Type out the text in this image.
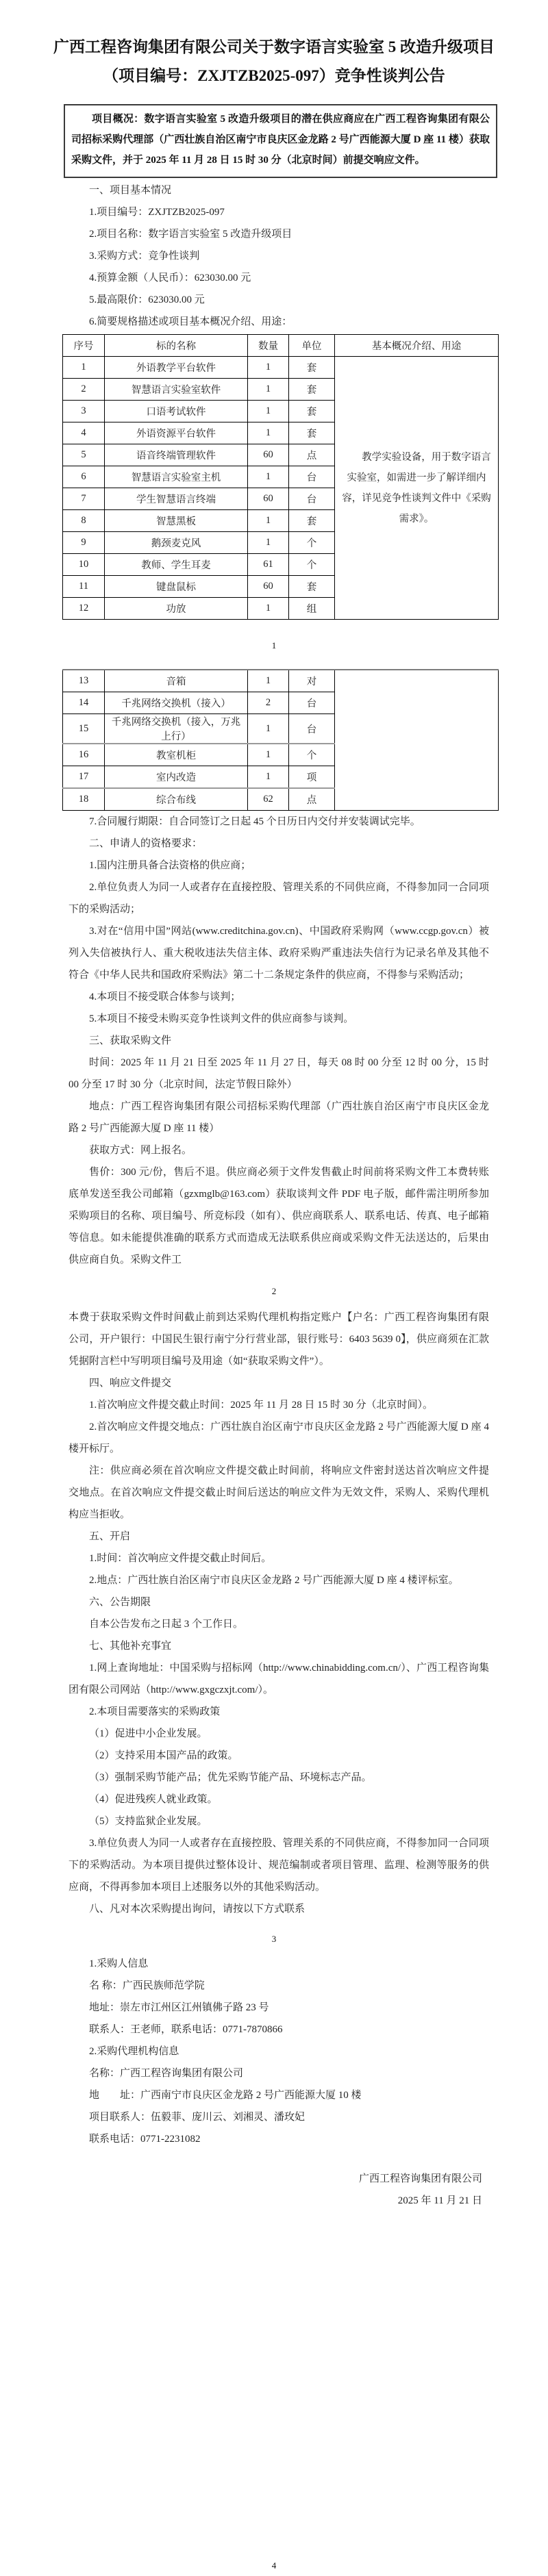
广西工程咨询集团有限公司关于数字语言实验室 5 改造升级项目
（项目编号：ZXJTZB2025-097）竞争性谈判公告

项目概况：数字语言实验室 5 改造升级项目的潜在供应商应在广西工程咨询集团有限公司招标采购代理部（广西壮族自治区南宁市良庆区金龙路 2 号广西能源大厦 D 座 11 楼）获取采购文件，并于 2025 年 11 月 28 日 15 时 30 分（北京时间）前提交响应文件。

一、项目基本情况

1.项目编号：ZXJTZB2025-097

2.项目名称：数字语言实验室 5 改造升级项目

3.采购方式：竞争性谈判

4.预算金额（人民币）：623030.00 元

5.最高限价：623030.00 元

6.简要规格描述或项目基本概况介绍、用途：

序号	标的名称	数量	单位	基本概况介绍、用途
1	外语教学平台软件	1	套	教学实验设备，用于数字语言实验室，如需进一步了解详细内容，详见竞争性谈判文件中《采购需求》。
2	智慧语言实验室软件	1	套	
3	口语考试软件	1	套	
4	外语资源平台软件	1	套	
5	语音终端管理软件	60	点	
6	智慧语言实验室主机	1	台	
7	学生智慧语言终端	60	台	
8	智慧黑板	1	套	
9	鹅颈麦克风	1	个	
10	教师、学生耳麦	61	个	
11	键盘鼠标	60	套	
12	功放	1	组	
1
13	音箱	1	对	
14	千兆网络交换机（接入）	2	台	
15	千兆网络交换机（接入，万兆上行）	1	台	
16	教室机柜	1	个	
17	室内改造	1	项	
18	综合布线	62	点	

7.合同履行期限：自合同签订之日起 45 个日历日内交付并安装调试完毕。

二、申请人的资格要求：

1.国内注册具备合法资格的供应商；

2.单位负责人为同一人或者存在直接控股、管理关系的不同供应商，不得参加同一合同项下的采购活动；

3.对在“信用中国”网站(www.creditchina.gov.cn)、中国政府采购网（www.ccgp.gov.cn）被列入失信被执行人、重大税收违法失信主体、政府采购严重违法失信行为记录名单及其他不符合《中华人民共和国政府采购法》第二十二条规定条件的供应商，不得参与采购活动；

4.本项目不接受联合体参与谈判；

5.本项目不接受未购买竞争性谈判文件的供应商参与谈判。

三、获取采购文件

时间：2025 年 11 月 21 日至 2025 年 11 月 27 日，每天 08 时 00 分至 12 时 00 分，15 时 00 分至 17 时 30 分（北京时间，法定节假日除外）

地点：广西工程咨询集团有限公司招标采购代理部（广西壮族自治区南宁市良庆区金龙路 2 号广西能源大厦 D 座 11 楼）

获取方式：网上报名。

售价：300 元/份，售后不退。供应商必须于文件发售截止时间前将采购文件工本费转账底单发送至我公司邮箱（gzxmglb@163.com）获取谈判文件 PDF 电子版，邮件需注明所参加采购项目的名称、项目编号、所竞标段（如有）、供应商联系人、联系电话、传真、电子邮箱等信息。如未能提供准确的联系方式而造成无法联系供应商或采购文件无法送达的，后果由供应商自负。采购文件工

2

本费于获取采购文件时间截止前到达采购代理机构指定账户【户名：广西工程咨询集团有限公司，开户银行：中国民生银行南宁分行营业部，银行账号：6403 5639 0】，供应商须在汇款凭据附言栏中写明项目编号及用途（如“获取采购文件”）。

四、响应文件提交

1.首次响应文件提交截止时间：2025 年 11 月 28 日 15 时 30 分（北京时间）。

2.首次响应文件提交地点：广西壮族自治区南宁市良庆区金龙路 2 号广西能源大厦 D 座 4 楼开标厅。

注：供应商必须在首次响应文件提交截止时间前，将响应文件密封送达首次响应文件提交地点。在首次响应文件提交截止时间后送达的响应文件为无效文件，采购人、采购代理机构应当拒收。

五、开启

1.时间：首次响应文件提交截止时间后。

2.地点：广西壮族自治区南宁市良庆区金龙路 2 号广西能源大厦 D 座 4 楼评标室。

六、公告期限

自本公告发布之日起 3 个工作日。

七、其他补充事宜

1.网上查询地址：中国采购与招标网（http://www.chinabidding.com.cn/）、广西工程咨询集团有限公司网站（http://www.gxgczxjt.com/）。

2.本项目需要落实的采购政策

（1）促进中小企业发展。

（2）支持采用本国产品的政策。

（3）强制采购节能产品；优先采购节能产品、环境标志产品。

（4）促进残疾人就业政策。

（5）支持监狱企业发展。

3.单位负责人为同一人或者存在直接控股、管理关系的不同供应商，不得参加同一合同项下的采购活动。为本项目提供过整体设计、规范编制或者项目管理、监理、检测等服务的供应商，不得再参加本项目上述服务以外的其他采购活动。

八、凡对本次采购提出询问，请按以下方式联系

3

1.采购人信息

名 称：广西民族师范学院

地址：崇左市江州区江州镇佛子路 23 号

联系人：王老师，联系电话：0771-7870866

2.采购代理机构信息

名称：广西工程咨询集团有限公司

地　　址：广西南宁市良庆区金龙路 2 号广西能源大厦 10 楼

项目联系人：伍毅菲、庞川云、刘湘灵、潘玫妃

联系电话：0771-2231082

广西工程咨询集团有限公司

2025 年 11 月 21 日

4
